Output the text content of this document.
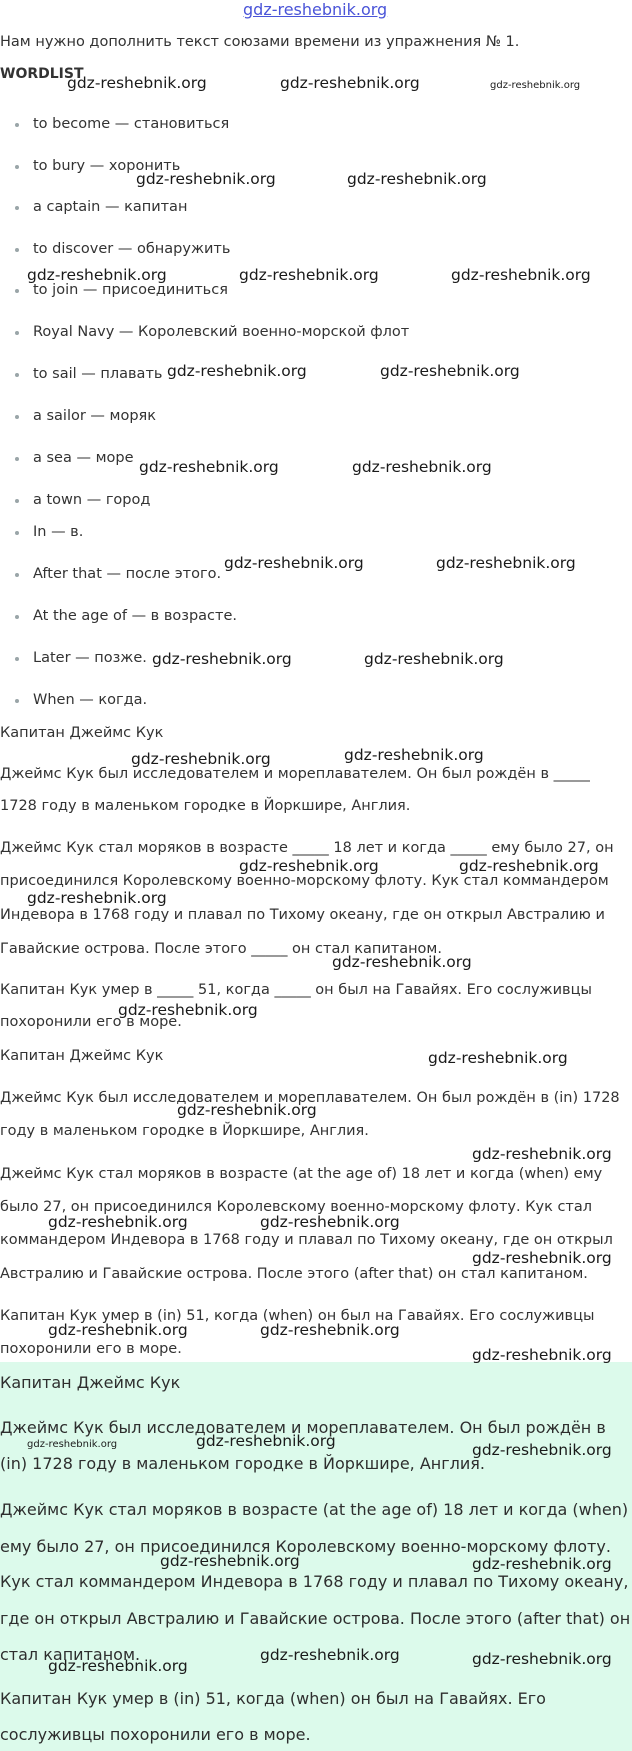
gdz-reshebnik.org

Нам нужно дополнить текст союзами времени из упражнения № 1.

WORDLIST

to become — становиться
to bury — хоронить
a captain — капитан
to discover — обнаружить
to join — присоединиться
Royal Navy — Королевский военно-морской флот
to sail — плавать
a sailor — моряк
a sea — море
a town — город
In — в.
After that — после этого.
At the age of — в возрасте.
Later — позже.
When — когда.

Капитан Джеймс Кук

Джеймс Кук был исследователем и мореплавателем. Он был рождён в _____

1728 году в маленьком городке в Йоркшире, Англия.

Джеймс Кук стал моряков в возрасте _____ 18 лет и когда _____ ему было 27, он

присоединился Королевскому военно-морскому флоту. Кук стал коммандером

Индевора в 1768 году и плавал по Тихому океану, где он открыл Австралию и

Гавайские острова. После этого _____ он стал капитаном.

Капитан Кук умер в _____ 51, когда _____ он был на Гавайях. Его сослуживцы

похоронили его в море.

Капитан Джеймс Кук

Джеймс Кук был исследователем и мореплавателем. Он был рождён в (in) 1728

году в маленьком городке в Йоркшире, Англия.

Джеймс Кук стал моряков в возрасте (at the age of) 18 лет и когда (when) ему

было 27, он присоединился Королевскому военно-морскому флоту. Кук стал

коммандером Индевора в 1768 году и плавал по Тихому океану, где он открыл

Австралию и Гавайские острова. После этого (after that) он стал капитаном.

Капитан Кук умер в (in) 51, когда (when) он был на Гавайях. Его сослуживцы

похоронили его в море.

Капитан Джеймс Кук

Джеймс Кук был исследователем и мореплавателем. Он был рождён в

(in) 1728 году в маленьком городке в Йоркшире, Англия.

Джеймс Кук стал моряков в возрасте (at the age of) 18 лет и когда (when)

ему было 27, он присоединился Королевскому военно-морскому флоту.

Кук стал коммандером Индевора в 1768 году и плавал по Тихому океану,

где он открыл Австралию и Гавайские острова. После этого (after that) он

стал капитаном.

Капитан Кук умер в (in) 51, когда (when) он был на Гавайях. Его

сослуживцы похоронили его в море.

gdz-reshebnik.org	gdz-reshebnik.org	gdz-reshebnik.org
gdz-reshebnik.org	gdz-reshebnik.org
gdz-reshebnik.org	gdz-reshebnik.org	gdz-reshebnik.org
gdz-reshebnik.org	gdz-reshebnik.org
gdz-reshebnik.org	gdz-reshebnik.org
gdz-reshebnik.org	gdz-reshebnik.org
gdz-reshebnik.org	gdz-reshebnik.org
gdz-reshebnik.org	gdz-reshebnik.org
gdz-reshebnik.org	gdz-reshebnik.org
gdz-reshebnik.org
gdz-reshebnik.org
gdz-reshebnik.org
gdz-reshebnik.org
gdz-reshebnik.org
gdz-reshebnik.org
gdz-reshebnik.org	gdz-reshebnik.org
gdz-reshebnik.org
gdz-reshebnik.org	gdz-reshebnik.org
gdz-reshebnik.org
gdz-reshebnik.org	gdz-reshebnik.org
gdz-reshebnik.org
gdz-reshebnik.org	gdz-reshebnik.org
gdz-reshebnik.org	gdz-reshebnik.org
gdz-reshebnik.org
